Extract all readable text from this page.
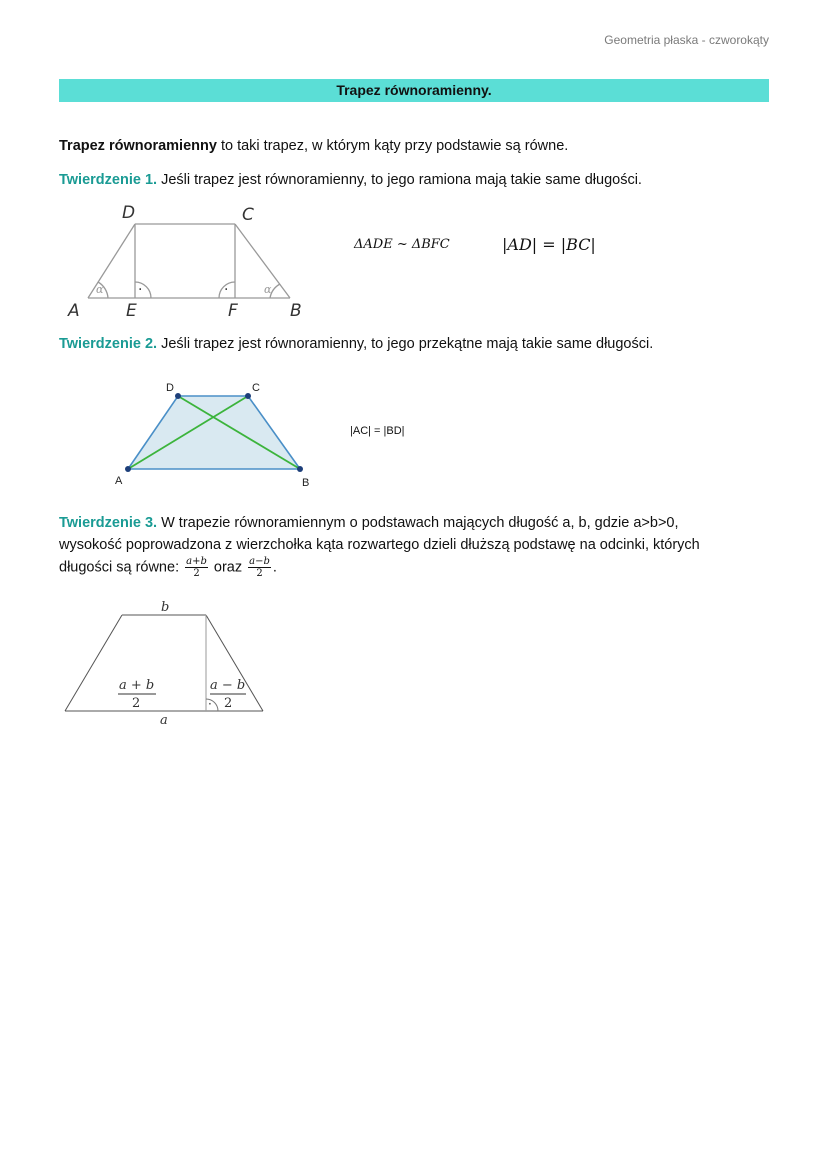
Geometria płaska - czworokąty
Trapez równoramienny.
Trapez równoramienny to taki trapez, w którym kąty przy podstawie są równe.
Twierdzenie 1. Jeśli trapez jest równoramienny, to jego ramiona mają takie same długości.
A	E	F	B
D	C
α	α
·	·
ΔADE ~ ΔBFC	|AD| = |BC|
Twierdzenie 2. Jeśli trapez jest równoramienny, to jego przekątne mają takie same długości.
A	B
C
D
|AC| = |BD|
Twierdzenie 3. W trapezie równoramiennym o podstawach mających długość a, b, gdzie a>b>0,
wysokość poprowadzona z wierzchołka kąta rozwartego dzieli dłuższą podstawę na odcinki, których
długości są równe: $\frac{a+b}{2}$ oraz $\frac{a-b}{2}$ .
·
b
a
a + b	a − b
2	2
